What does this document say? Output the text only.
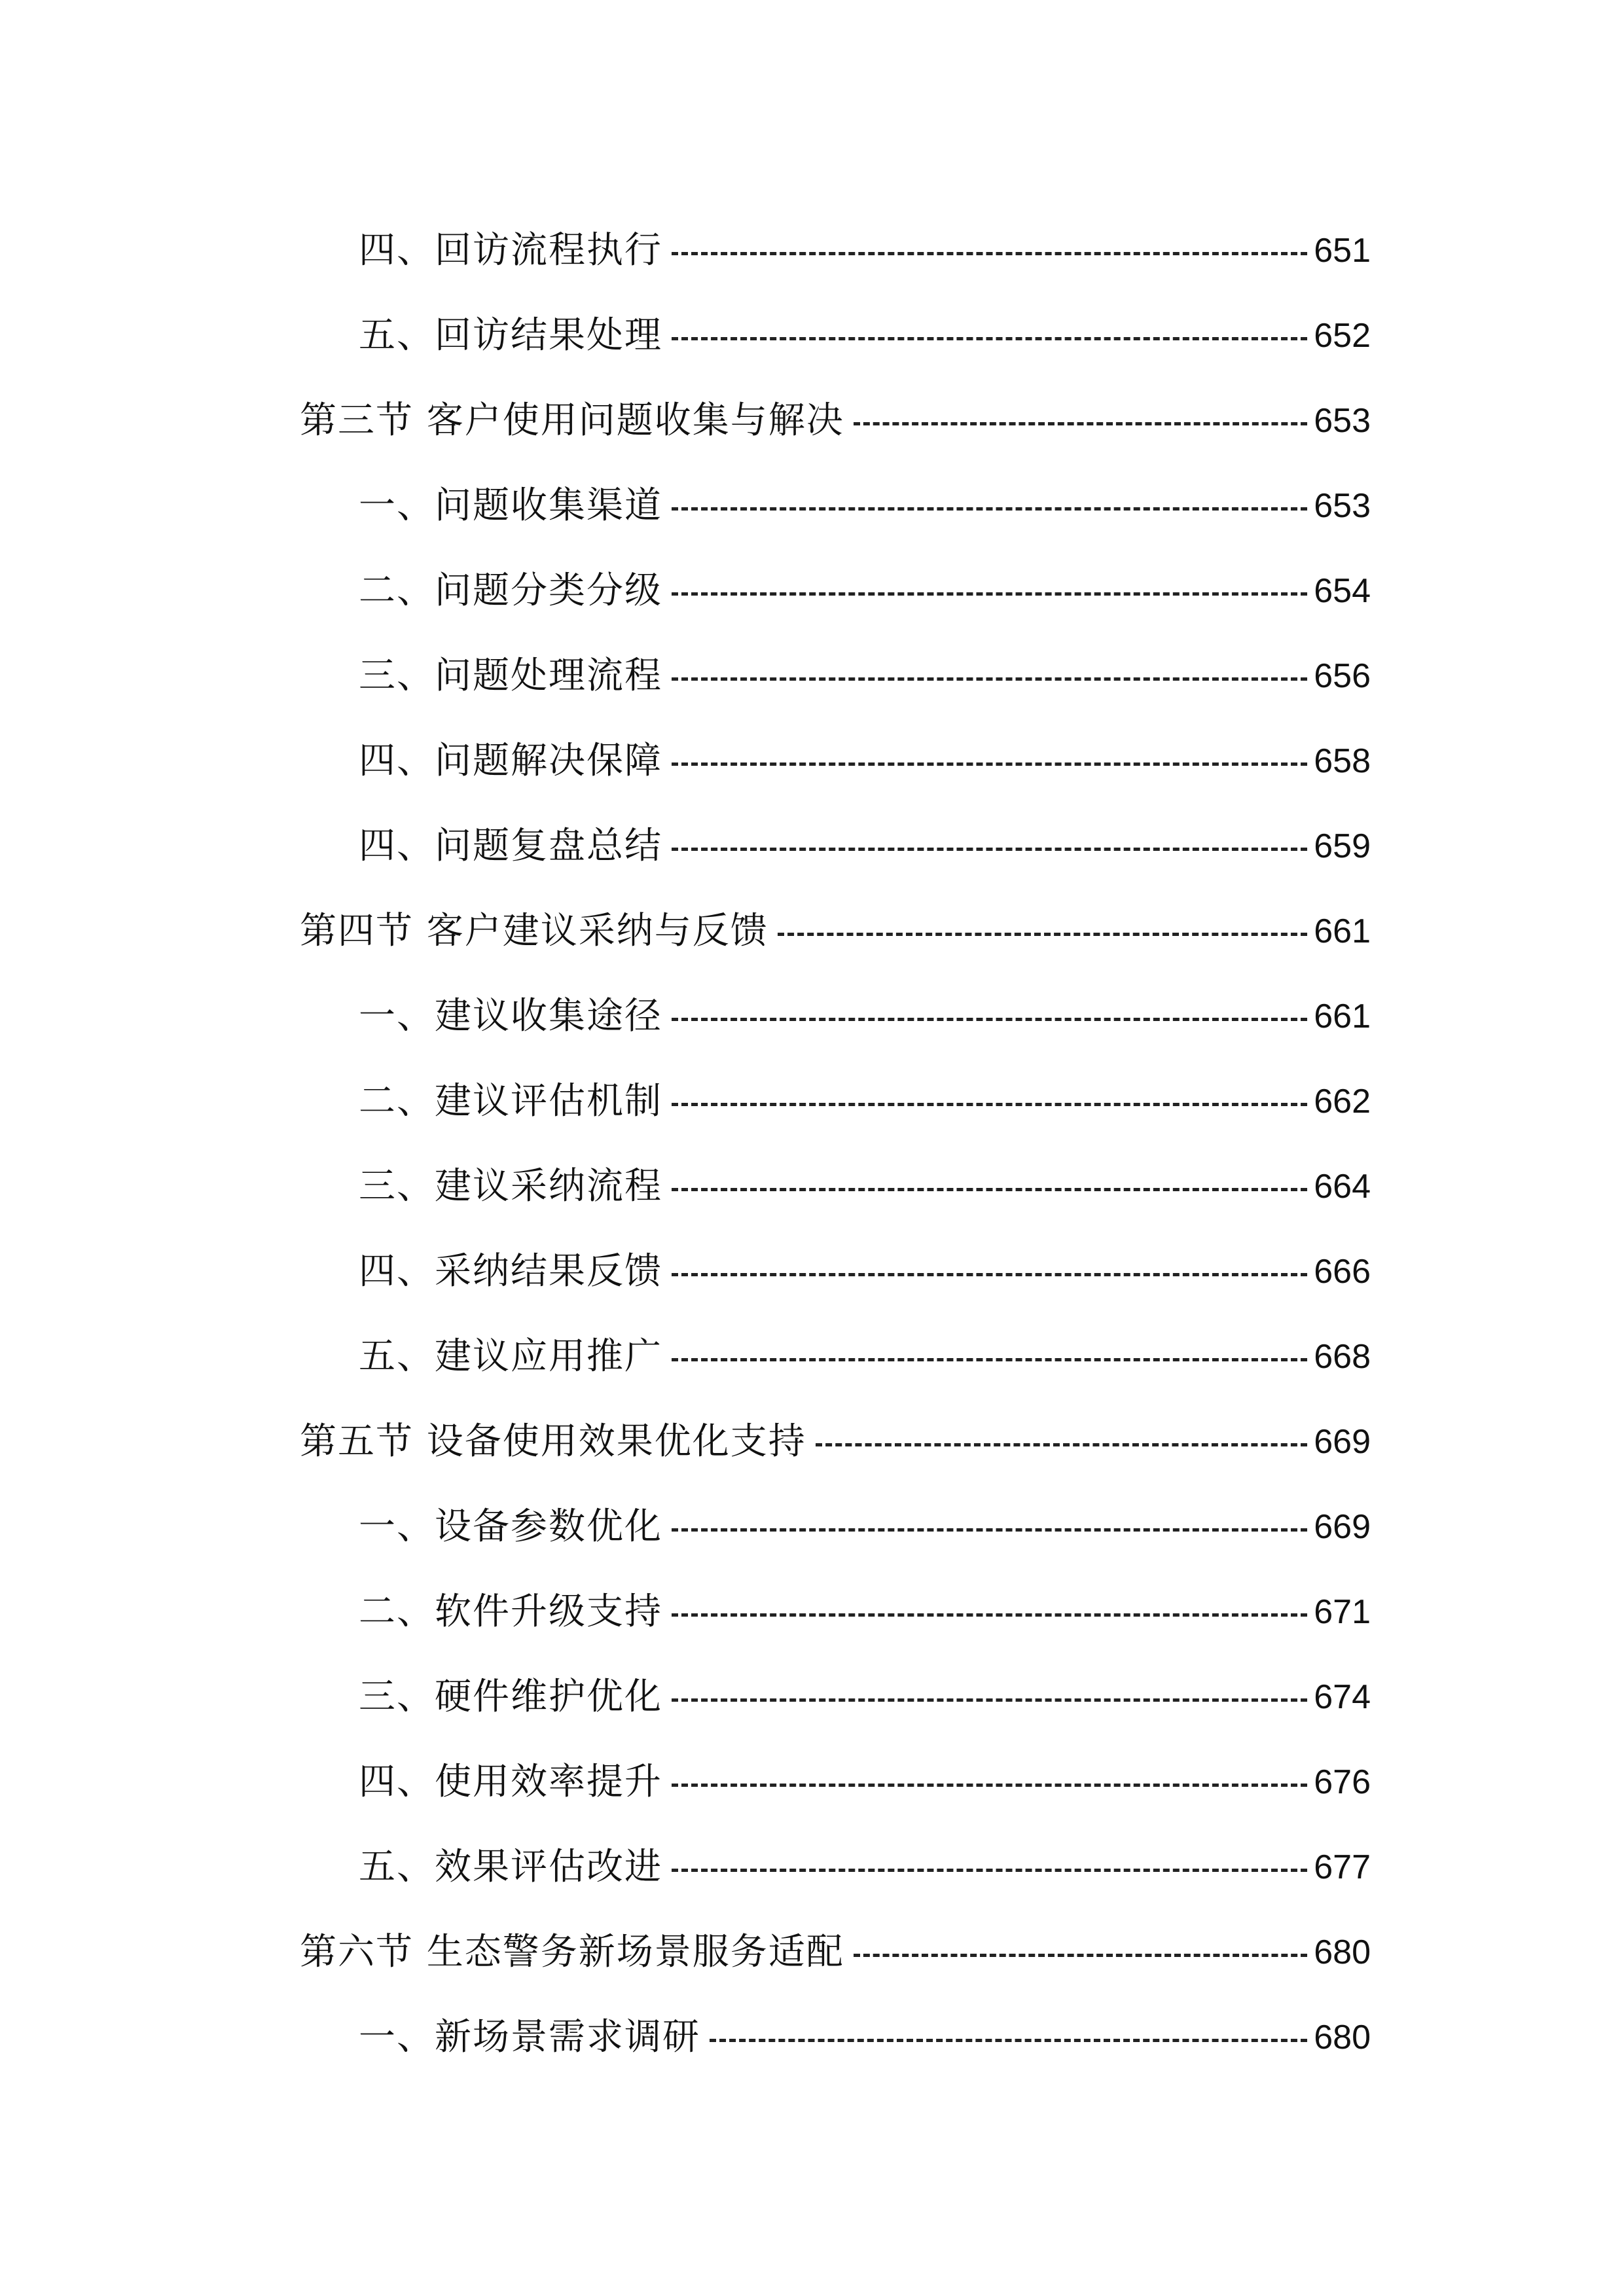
四、回访流程执行	651
五、回访结果处理	652
第三节 客户使用问题收集与解决	653
一、问题收集渠道	653
二、问题分类分级	654
三、问题处理流程	656
四、问题解决保障	658
四、问题复盘总结	659
第四节 客户建议采纳与反馈	661
一、建议收集途径	661
二、建议评估机制	662
三、建议采纳流程	664
四、采纳结果反馈	666
五、建议应用推广	668
第五节 设备使用效果优化支持	669
一、设备参数优化	669
二、软件升级支持	671
三、硬件维护优化	674
四、使用效率提升	676
五、效果评估改进	677
第六节 生态警务新场景服务适配	680
一、新场景需求调研	680
